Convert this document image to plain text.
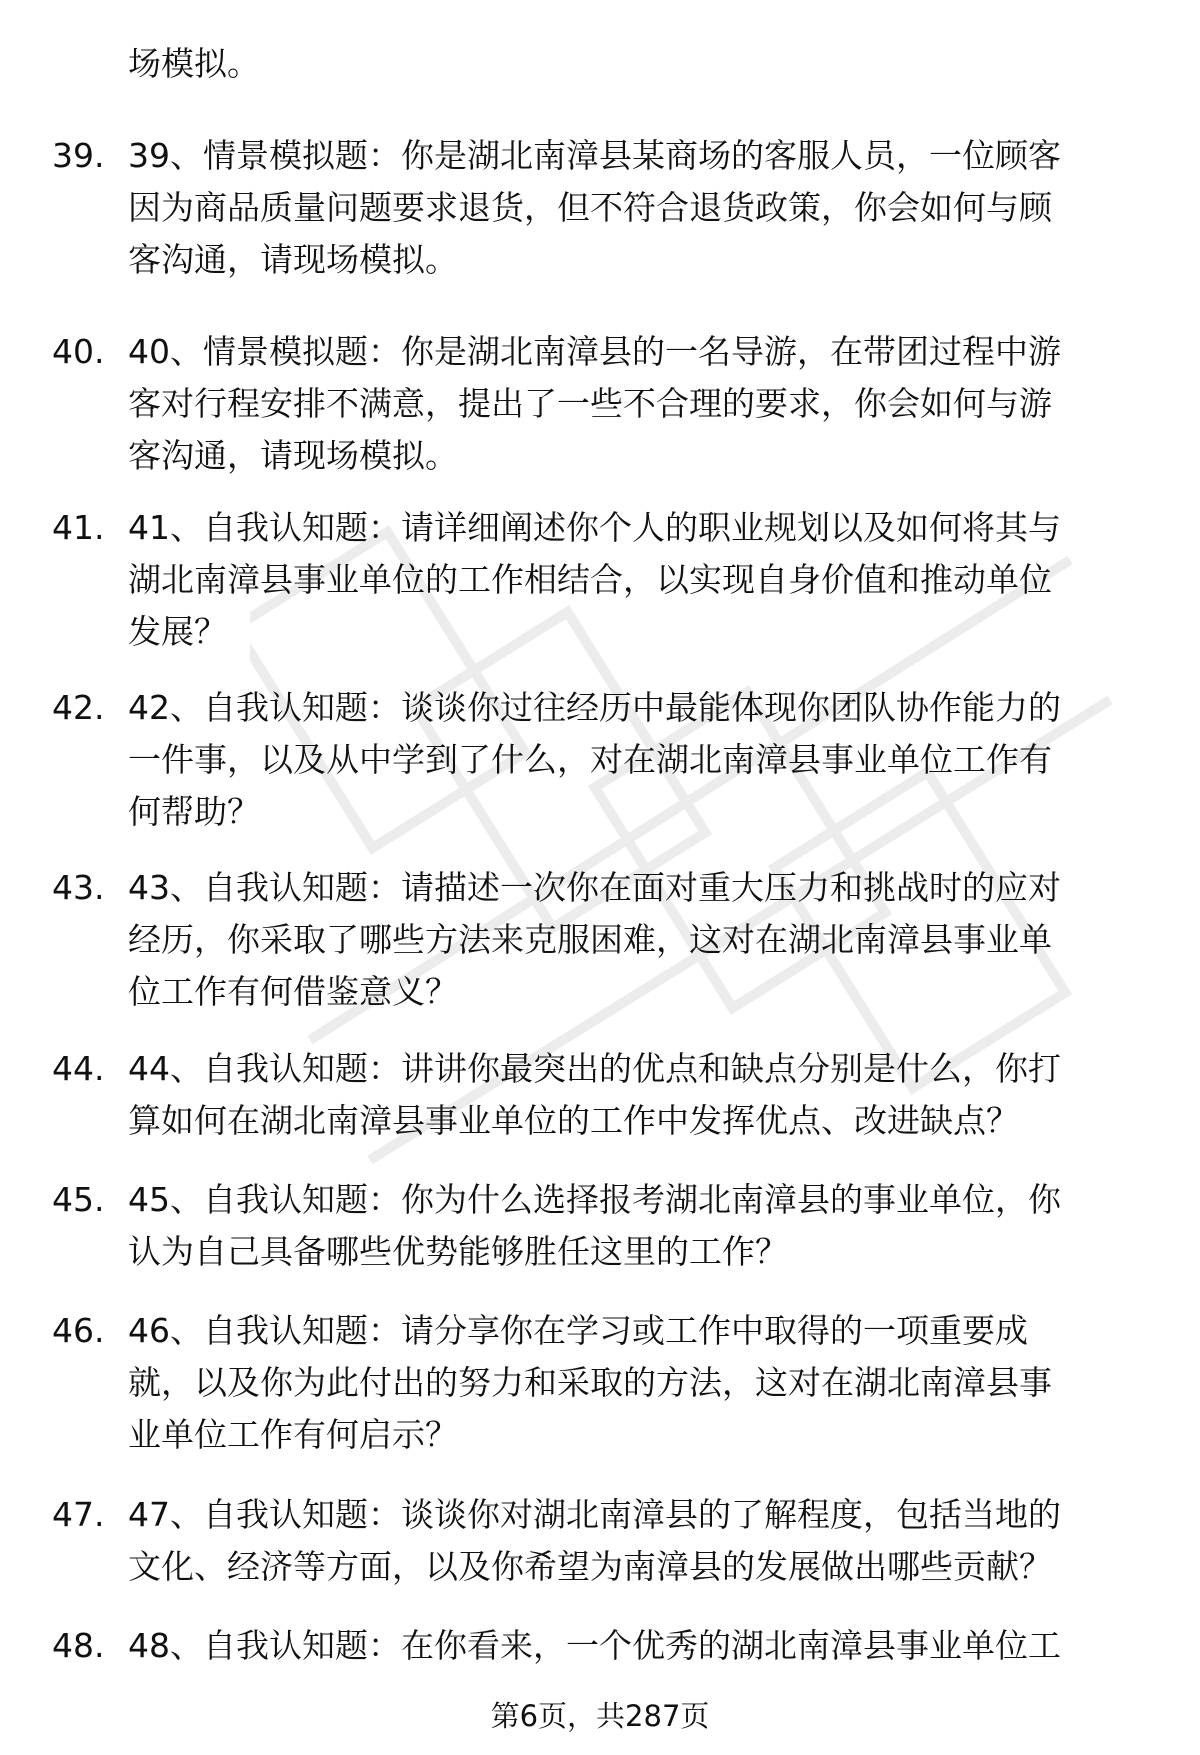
场模拟。

39. 39、情景模拟题：你是湖北南漳县某商场的客服人员，一位顾客
因为商品质量问题要求退货，但不符合退货政策，你会如何与顾
客沟通，请现场模拟。
40. 40、情景模拟题：你是湖北南漳县的一名导游，在带团过程中游
客对行程安排不满意，提出了一些不合理的要求，你会如何与游
客沟通，请现场模拟。
41. 41、自我认知题：请详细阐述你个人的职业规划以及如何将其与
湖北南漳县事业单位的工作相结合，以实现自身价值和推动单位
发展？
42. 42、自我认知题：谈谈你过往经历中最能体现你团队协作能力的
一件事，以及从中学到了什么，对在湖北南漳县事业单位工作有
何帮助？
43. 43、自我认知题：请描述一次你在面对重大压力和挑战时的应对
经历，你采取了哪些方法来克服困难，这对在湖北南漳县事业单
位工作有何借鉴意义？
44. 44、自我认知题：讲讲你最突出的优点和缺点分别是什么，你打
算如何在湖北南漳县事业单位的工作中发挥优点、改进缺点？
45. 45、自我认知题：你为什么选择报考湖北南漳县的事业单位，你
认为自己具备哪些优势能够胜任这里的工作？
46. 46、自我认知题：请分享你在学习或工作中取得的一项重要成
就，以及你为此付出的努力和采取的方法，这对在湖北南漳县事
业单位工作有何启示？
47. 47、自我认知题：谈谈你对湖北南漳县的了解程度，包括当地的
文化、经济等方面，以及你希望为南漳县的发展做出哪些贡献？
48. 48、自我认知题：在你看来，一个优秀的湖北南漳县事业单位工
第6页，共287页
